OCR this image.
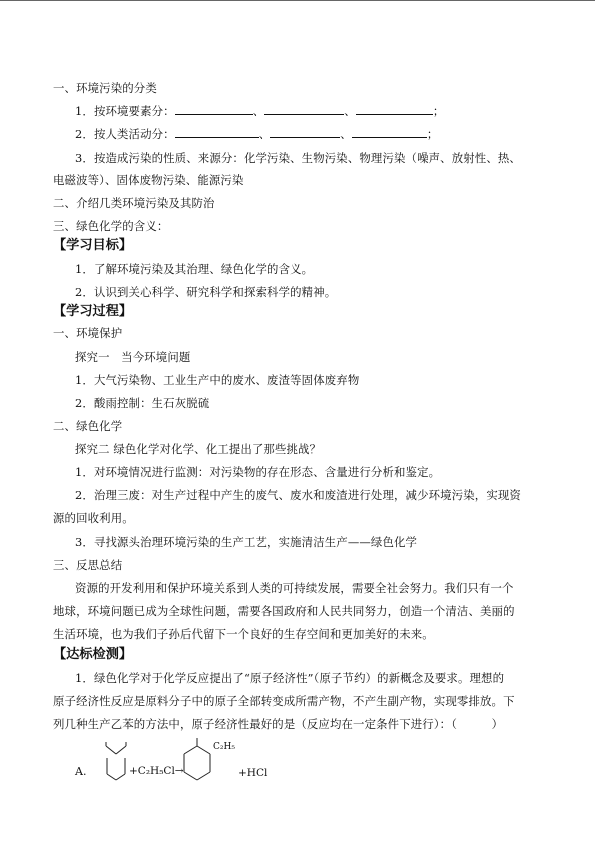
一、环境污染的分类
1．按环境要素分：	、	、	；
2．按人类活动分：	、	、	；
3．按造成污染的性质、来源分：化学污染、生物污染、物理污染（噪声、放射性、热、
电磁波等）、固体废物污染、能源污染
二、介绍几类环境污染及其防治
三、绿色化学的含义：
【学习目标】
1．了解环境污染及其治理、绿色化学的含义。
2．认识到关心科学、研究科学和探索科学的精神。
【学习过程】
一、环境保护
探究一　当今环境问题
1．大气污染物、工业生产中的废水、废渣等固体废弃物
2．酸雨控制：生石灰脱硫
二、绿色化学
探究二 绿色化学对化学、化工提出了那些挑战？
1．对环境情况进行监测：对污染物的存在形态、含量进行分析和鉴定。
2．治理三废：对生产过程中产生的废气、废水和废渣进行处理，减少环境污染，实现资
源的回收利用。
3．寻找源头治理环境污染的生产工艺，实施清洁生产——绿色化学
三、反思总结
资源的开发利用和保护环境关系到人类的可持续发展，需要全社会努力。我们只有一个
地球，环境问题已成为全球性问题，需要各国政府和人民共同努力，创造一个清洁、美丽的
生活环境，也为我们子孙后代留下一个良好的生存空间和更加美好的未来。
【达标检测】
1．绿色化学对于化学反应提出了“原子经济性”（原子节约）的新概念及要求。理想的
原子经济性反应是原料分子中的原子全部转变成所需产物，不产生副产物，实现零排放。下
列几种生产乙苯的方法中，原子经济性最好的是（反应均在一定条件下进行）：（　　　）
A.	+C₂H₅Cl→
C₂H₅
+HCl
